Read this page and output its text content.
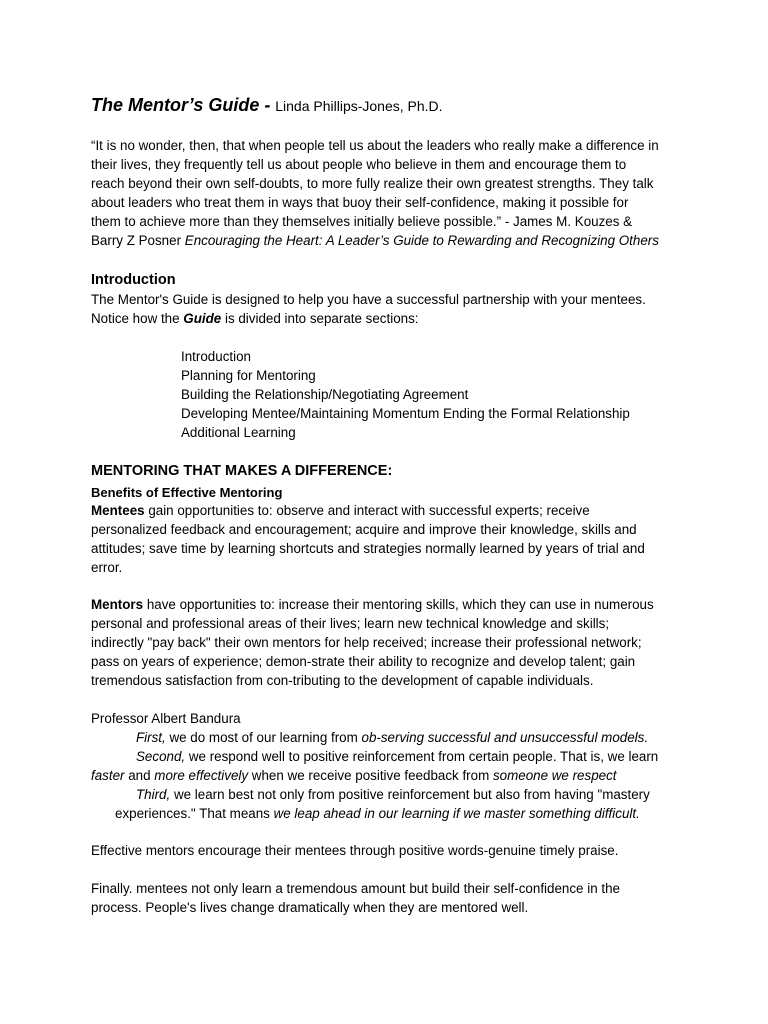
The Mentor’s Guide - Linda Phillips-Jones, Ph.D.

“It is no wonder, then, that when people tell us about the leaders who really make a difference in

their lives, they frequently tell us about people who believe in them and encourage them to

reach beyond their own self-doubts, to more fully realize their own greatest strengths. They talk

about leaders who treat them in ways that buoy their self-confidence, making it possible for

them to achieve more than they themselves initially believe possible.” - James M. Kouzes &

Barry Z Posner Encouraging the Heart: A Leader’s Guide to Rewarding and Recognizing Others

Introduction

The Mentor's Guide is designed to help you have a successful partnership with your mentees.

Notice how the Guide is divided into separate sections:

Introduction
Planning for Mentoring
Building the Relationship/Negotiating Agreement
Developing Mentee/Maintaining Momentum Ending the Formal Relationship
Additional Learning
MENTORING THAT MAKES A DIFFERENCE:
Benefits of Effective Mentoring

Mentees gain opportunities to: observe and interact with successful experts; receive

personalized feedback and encouragement; acquire and improve their knowledge, skills and

attitudes; save time by learning shortcuts and strategies normally learned by years of trial and

error.

Mentors have opportunities to: increase their mentoring skills, which they can use in numerous

personal and professional areas of their lives; learn new technical knowledge and skills;

indirectly "pay back" their own mentors for help received; increase their professional network;

pass on years of experience; demon-strate their ability to recognize and develop talent; gain

tremendous satisfaction from con-tributing to the development of capable individuals.

Professor Albert Bandura

First, we do most of our learning from ob-serving successful and unsuccessful models.

Second, we respond well to positive reinforcement from certain people. That is, we learn

faster and more effectively when we receive positive feedback from someone we respect

Third, we learn best not only from positive reinforcement but also from having "mastery

experiences." That means we leap ahead in our learning if we master something difficult.

Effective mentors encourage their mentees through positive words-genuine timely praise.

Finally. mentees not only learn a tremendous amount but build their self-confidence in the

process. People's lives change dramatically when they are mentored well.
